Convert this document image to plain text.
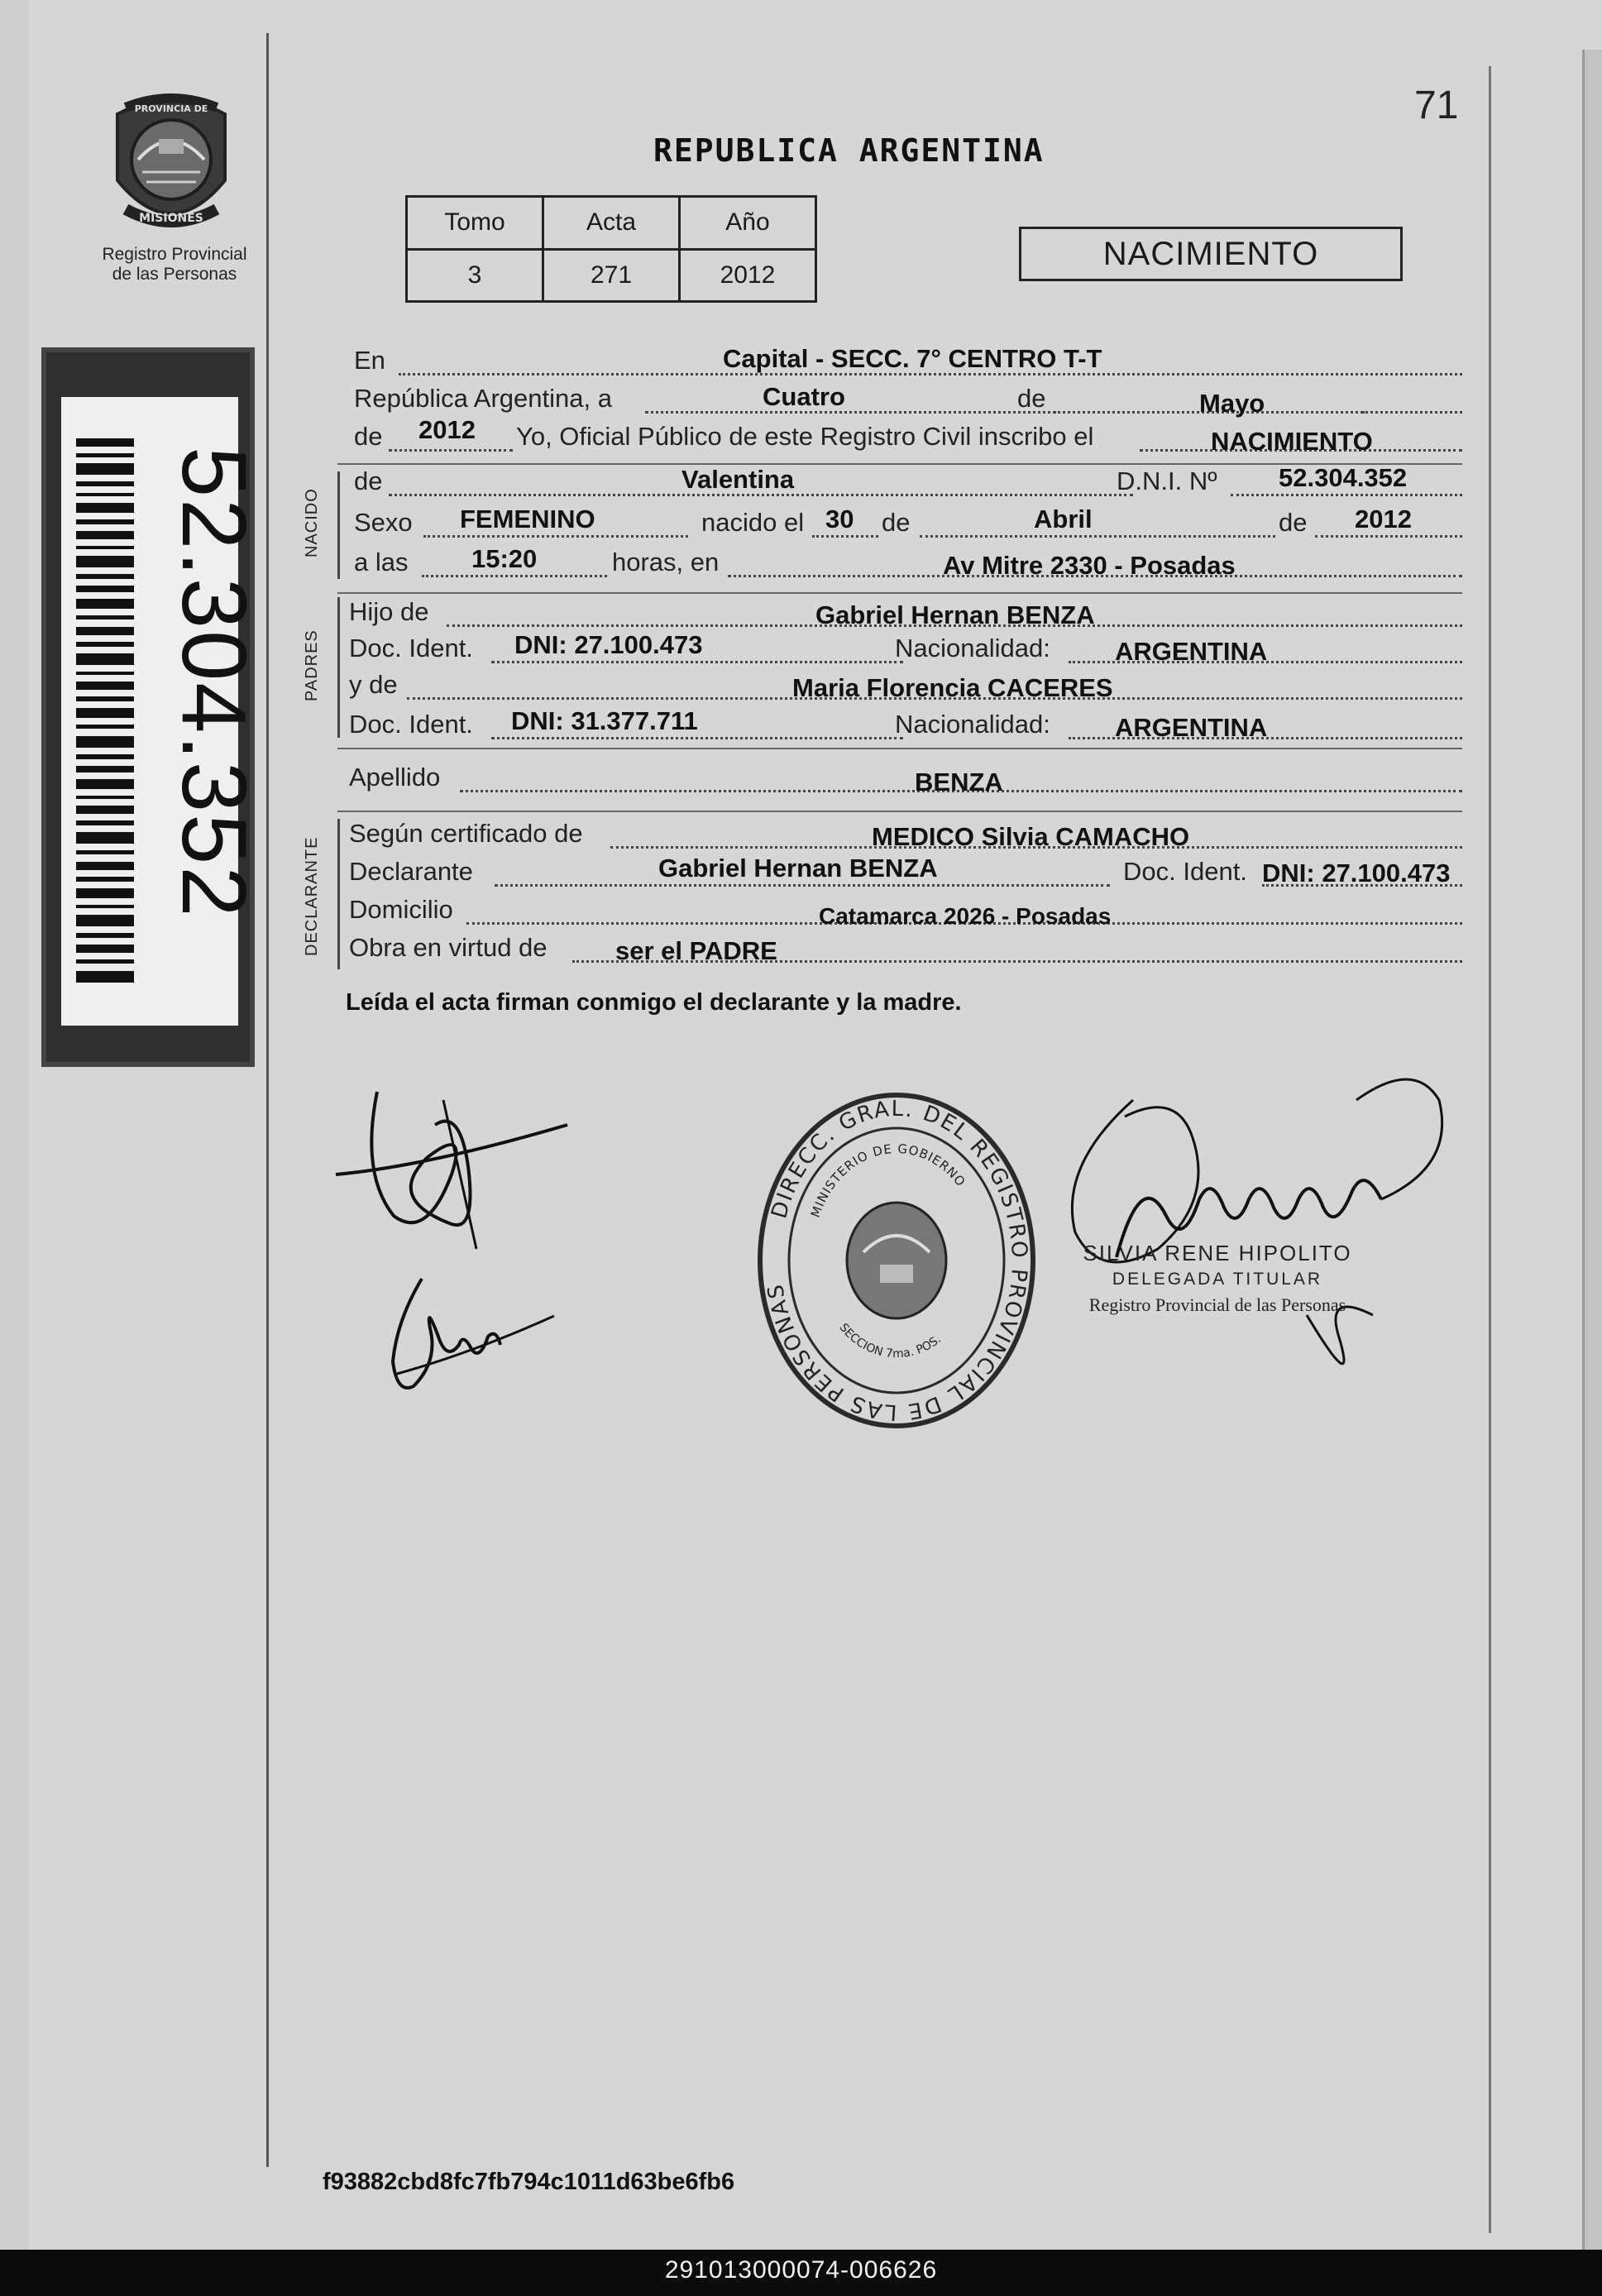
PROVINCIA DE
MISIONES
Registro Provincial
de las Personas
52.304.352
71
REPUBLICA ARGENTINA
Tomo	Acta	Año
3	271	2012
NACIMIENTO
En	Capital - SECC. 7° CENTRO T-T
República Argentina, a	Cuatro	de	Mayo
de 2012 Yo, Oficial Público de este Registro Civil inscribo el	NACIMIENTO
NACIDO
de	Valentina	D.N.I. Nº 52.304.352
Sexo FEMENINO	nacido el 30 de	Abril	de 2012
a las 15:20	horas, en	Av Mitre 2330 - Posadas
PADRES
Hijo de	Gabriel Hernan BENZA
Doc. Ident. DNI: 27.100.473	Nacionalidad:	ARGENTINA
y de	Maria Florencia CACERES
Doc. Ident. DNI: 31.377.711	Nacionalidad:	ARGENTINA
Apellido	BENZA
DECLARANTE
Según certificado de	MEDICO Silvia CAMACHO
Declarante	Gabriel Hernan BENZA	Doc. Ident. DNI: 27.100.473
Domicilio	Catamarca 2026 - Posadas
Obra en virtud de	ser el PADRE
Leída el acta firman conmigo el declarante y la madre.
DIRECC. GRAL. DEL REGISTRO PROVINCIAL DE LAS PERSONAS
MINISTERIO DE GOBIERNO
SECCION 7ma. POS.
SILVIA RENE HIPOLITO
DELEGADA TITULAR
Registro Provincial de las Personas
f93882cbd8fc7fb794c1011d63be6fb6
291013000074-006626
